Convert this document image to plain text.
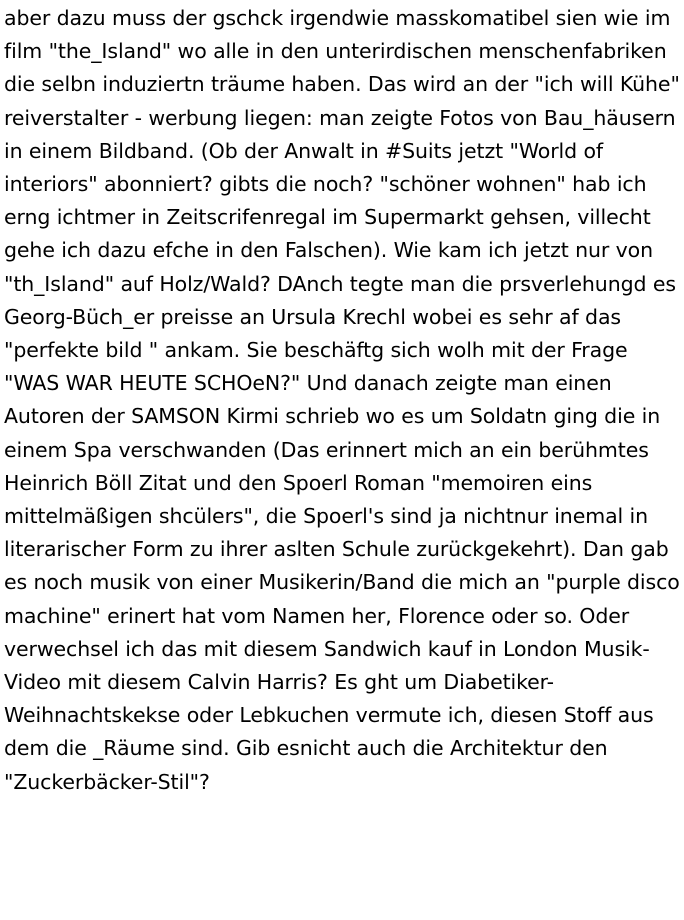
aber dazu muss der gschck irgendwie masskomatibel sien wie im film "the_Island" wo alle in den unterirdischen menschenfabriken die selbn induziertn träume haben. Das wird an der "ich will Kühe" reiverstalter - werbung liegen: man zeigte Fotos von Bau_häusern in einem Bildband. (Ob der Anwalt in #Suits jetzt "World of interiors" abonniert? gibts die noch? "schöner wohnen" hab ich erng ichtmer in Zeitscrifenregal im Supermarkt gehsen, villecht gehe ich dazu efche in den Falschen). Wie kam ich jetzt nur von "th_Island" auf Holz/Wald? DAnch tegte man die prsverlehungd es Georg-Büch_er preisse an Ursula Krechl wobei es sehr af das "perfekte bild " ankam. Sie beschäftg sich wolh mit der Frage "WAS WAR HEUTE SCHOeN?" Und danach zeigte man einen Autoren der SAMSON Kirmi schrieb wo es um Soldatn ging die in einem Spa verschwanden (Das erinnert mich an ein berühmtes Heinrich Böll Zitat und den Spoerl Roman "memoiren eins mittelmäßigen shcülers", die Spoerl's sind ja nichtnur inemal in literarischer Form zu ihrer aslten Schule zurückgekehrt). Dan gab es noch musik von einer Musikerin/Band die mich an "purple disco machine" erinert hat vom Namen her, Florence oder so. Oder verwechsel ich das mit diesem Sandwich kauf in London Musik-Video mit diesem Calvin Harris? Es ght um Diabetiker-Weihnachtskekse oder Lebkuchen vermute ich, diesen Stoff aus dem die _Räume sind. Gib esnicht auch die Architektur den "Zuckerbäcker-Stil"?
